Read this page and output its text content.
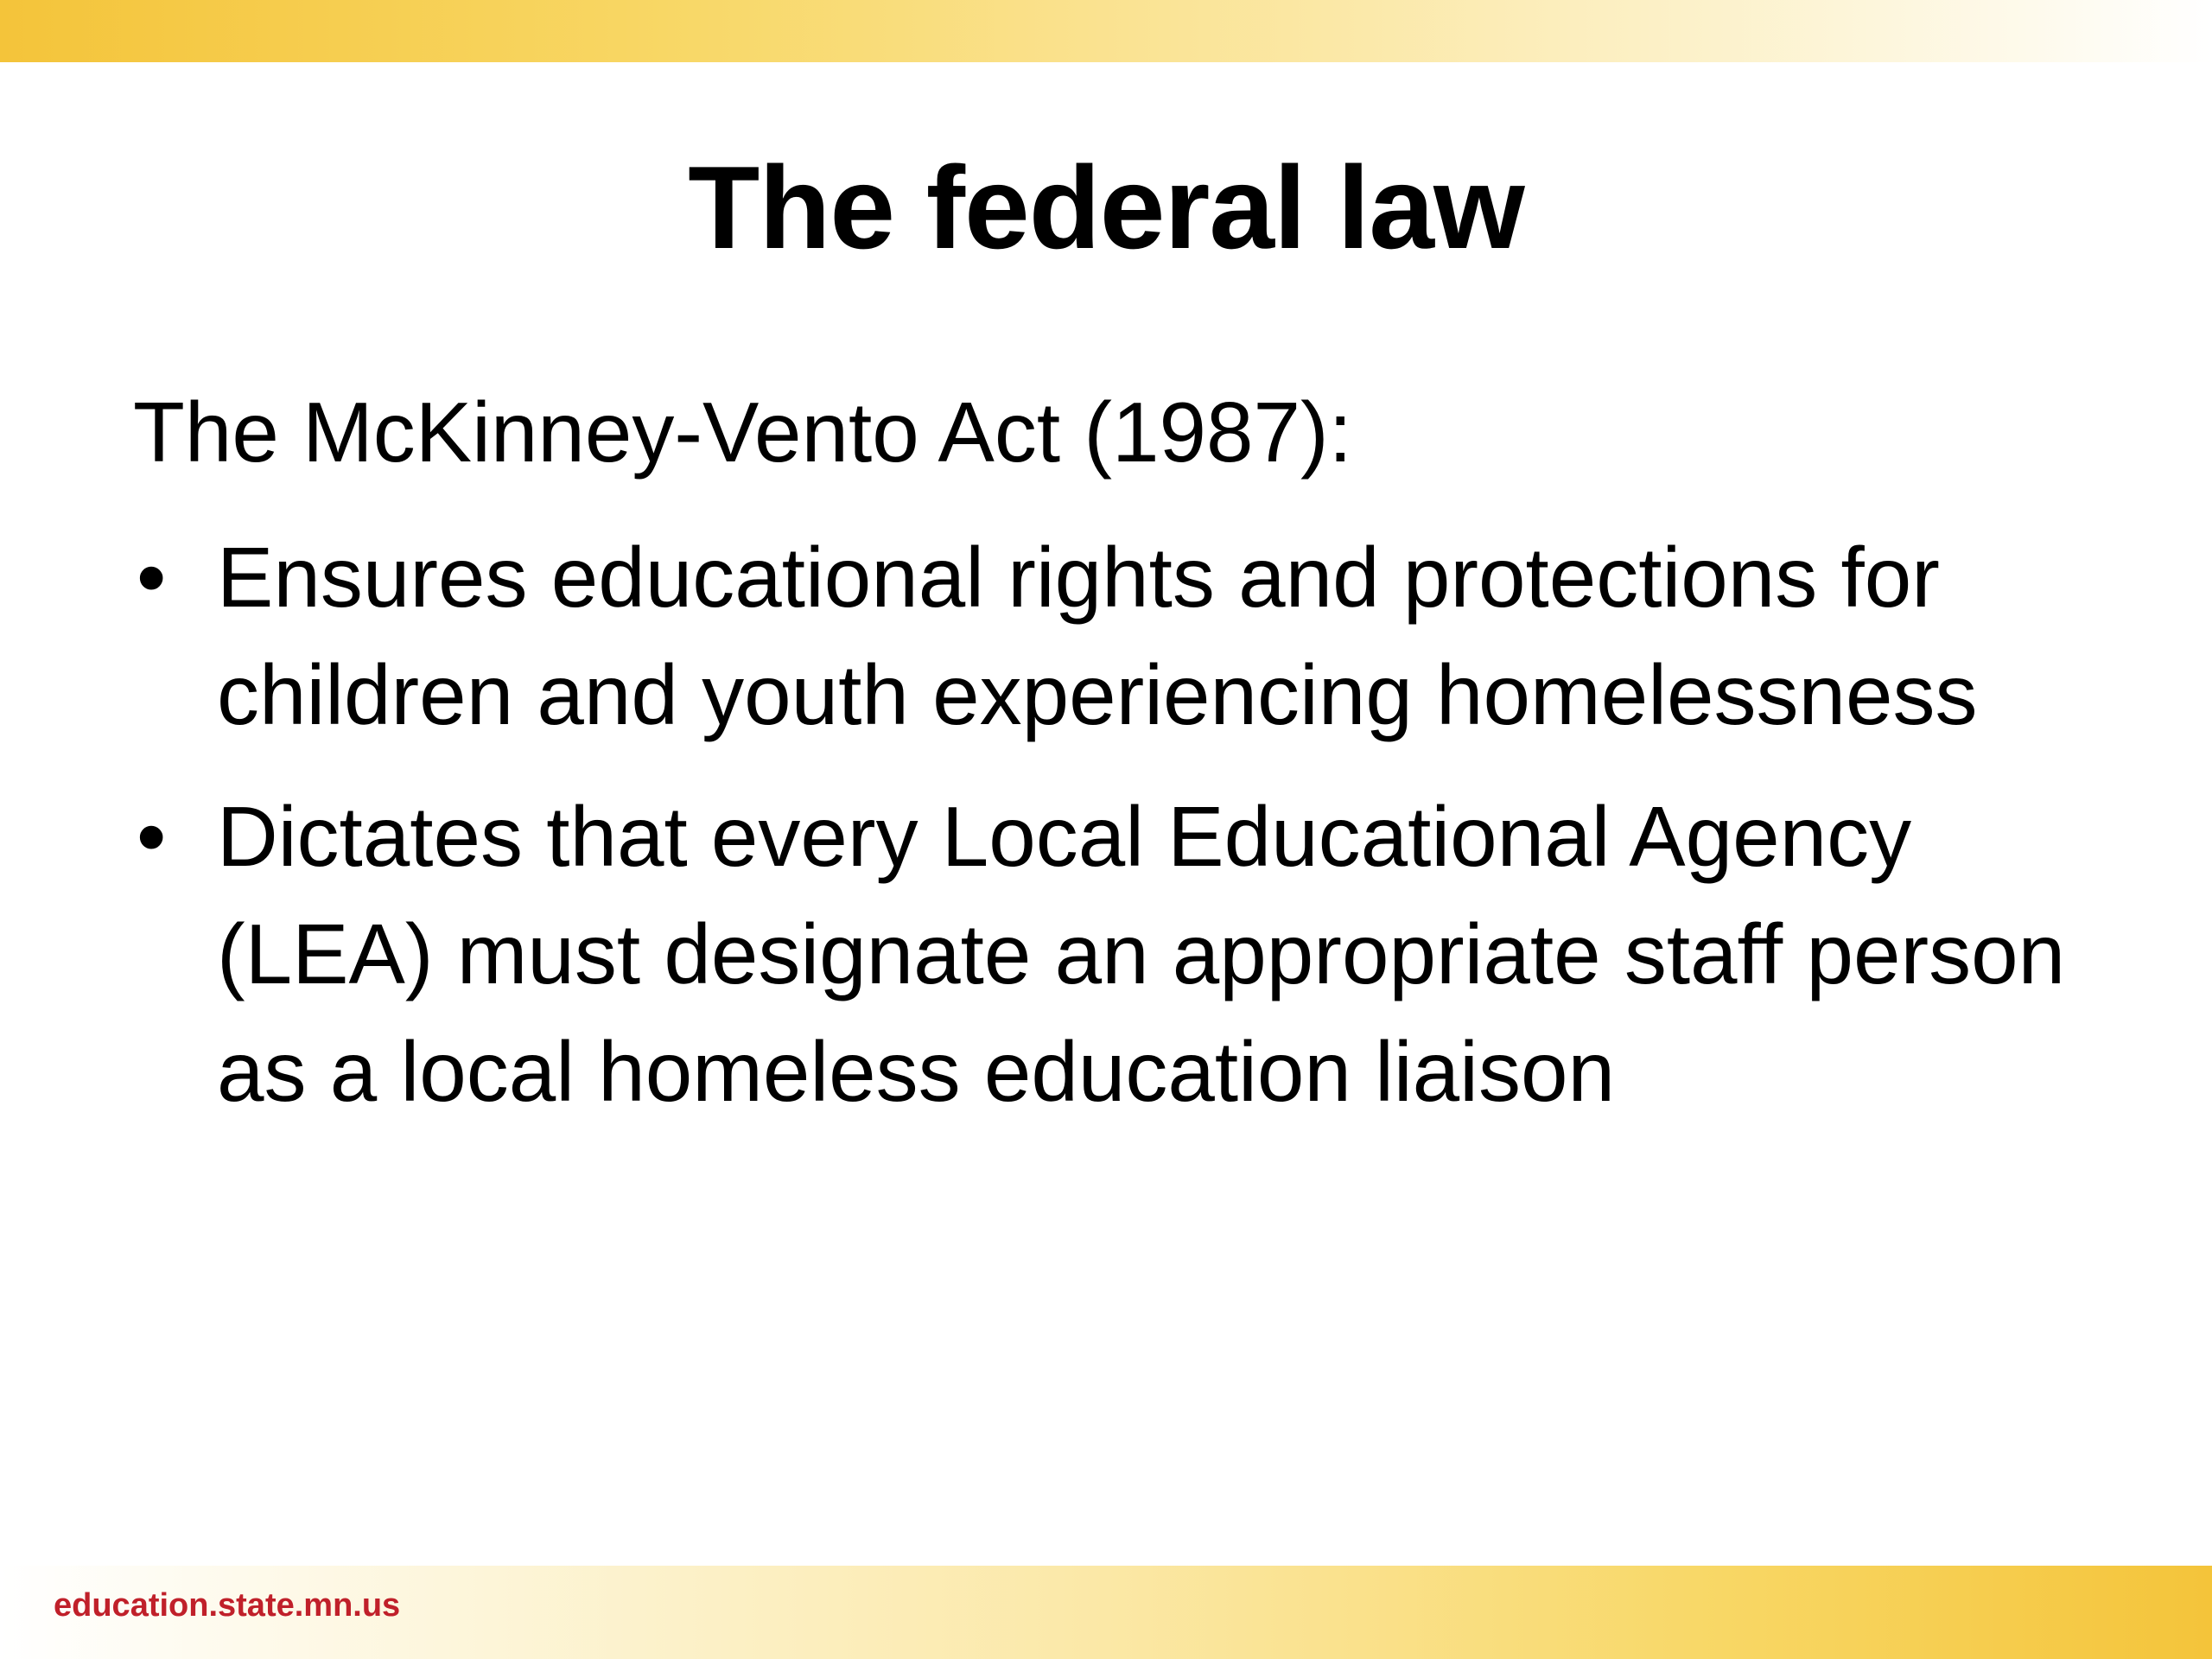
The federal law

The McKinney-Vento Act (1987):

• Ensures educational rights and protections for children and youth experiencing homelessness
• Dictates that every Local Educational Agency (LEA) must designate an appropriate staff person as a local homeless education liaison
education.state.mn.us
